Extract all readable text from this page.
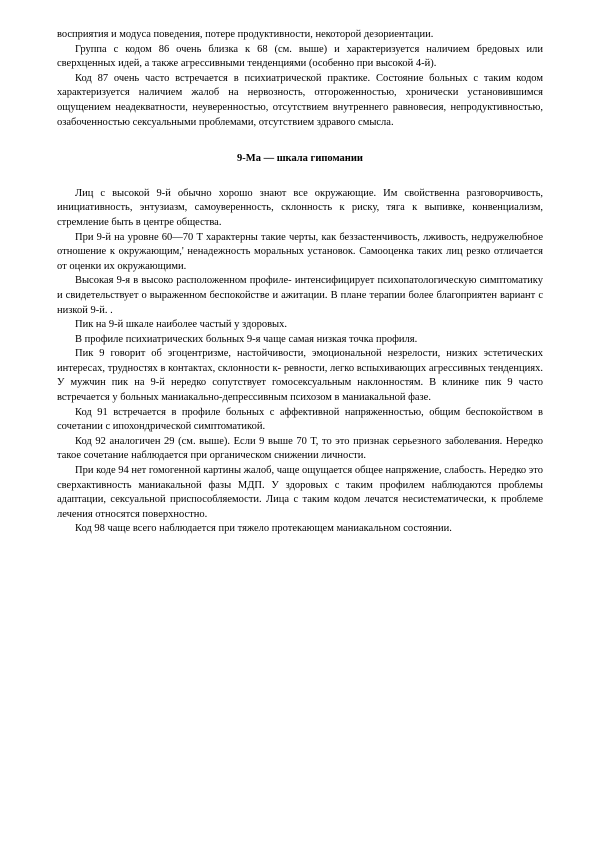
восприятия и модуса поведения, потере продуктивности, некоторой дезориентации.

Группа с кодом 86 очень близка к 68 (см. выше) и характеризуется наличием бредовых или сверхценных идей, а также агрессивными тенденциями (особенно при высокой 4-й).

Код 87 очень часто встречается в психиатрической практике. Состояние больных с таким кодом характеризуется наличием жалоб на нервозность, отгороженностью, хронически установившимся ощущением неадекватности, неуверенностью, отсутствием внутреннего равновесия, непродуктивностью, озабоченностью сексуальными проблемами, отсутствием здравого смысла.

9-Ма — шкала гипомании

Лиц с высокой 9-й обычно хорошо знают все окружающие. Им свойственна разговорчивость, инициативность, энтузиазм, самоуверенность, склонность к риску, тяга к выпивке, конвенциализм, стремление быть в центре общества.

При 9-й на уровне 60—70 Т характерны такие черты, как беззастенчивость, лживость, недружелюбное отношение к окружающим,' ненадежность моральных установок. Самооценка таких лиц резко отличается от оценки их окружающими.

Высокая 9-я в высоко расположенном профиле- интенсифицирует психопатологическую симптоматику и свидетельствует о выраженном беспокойстве и ажитации. В плане терапии более благоприятен вариант с низкой 9-й. .

Пик на 9-й шкале наиболее частый у здоровых.

В профиле психиатрических больных 9-я чаще самая низкая точка профиля.

Пик 9 говорит об эгоцентризме, настойчивости, эмоциональной незрелости, низких эстетических интересах, трудностях в контактах, склонности к- ревности, легко вспыхивающих агрессивных тенденциях. У мужчин пик на 9-й нередко сопутствует гомосексуальным наклонностям. В клинике пик 9 часто встречается у больных маниакально-депрессивным психозом в маниакальной фазе.

Код 91 встречается в профиле больных с аффективной напряженностью, общим беспокойством в сочетании с ипохондрической симптоматикой.

Код 92 аналогичен 29 (см. выше). Если 9 выше 70 Т, то это признак серьезного заболевания. Нередко такое сочетание наблюдается при органическом снижении личности.

При коде 94 нет гомогенной картины жалоб, чаще ощущается общее напряжение, слабость. Нередко это сверхактивность маниакальной фазы МДП. У здоровых с таким профилем наблюдаются проблемы адаптации, сексуальной приспособляемости. Лица с таким кодом лечатся несистематически, к проблеме лечения относятся поверхностно.

Код 98 чаще всего наблюдается при тяжело протекающем маниакальном состоянии.
